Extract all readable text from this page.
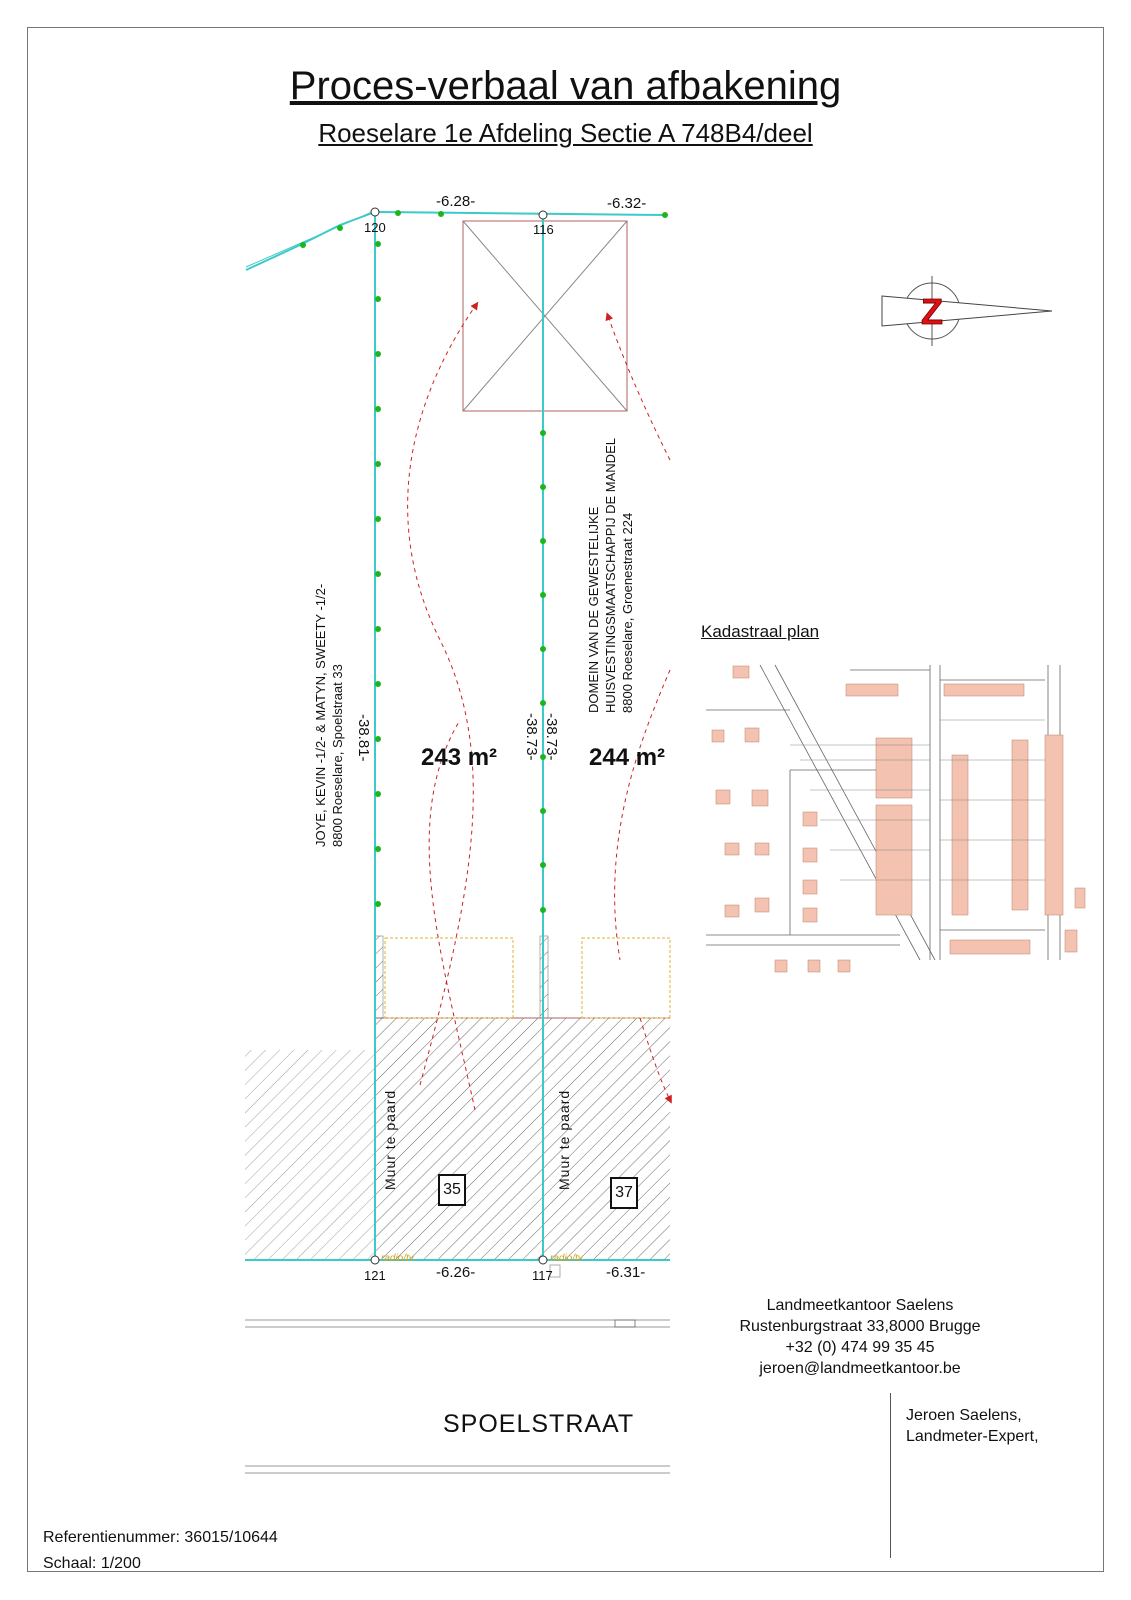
Proces-verbaal van afbakening
Roeselare 1e Afdeling Sectie A 748B4/deel
Z
-6.28-	-6.32-
-6.26-	-6.31-
-38.81-	-38.73- -38.73-
120	116
121	117
243 m²	244 m²
JOYE, KEVIN -1/2- & MATYN, SWEETY -1/2- 8800 Roeselare, Spoelstraat 33
DOMEIN VAN DE GEWESTELIJKE HUISVESTINGSMAATSCHAPPIJ DE MANDEL 8800 Roeselare, Groenestraat 224
Muur te paard	Muur te paard
35	37
radio/tv	radio/tv
Kadastraal plan
SPOELSTRAAT
Landmeetkantoor Saelens
Rustenburgstraat 33,8000 Brugge
+32 (0) 474 99 35 45
jeroen@landmeetkantoor.be
Jeroen Saelens,
Landmeter-Expert,
Referentienummer: 36015/10644
Schaal: 1/200
